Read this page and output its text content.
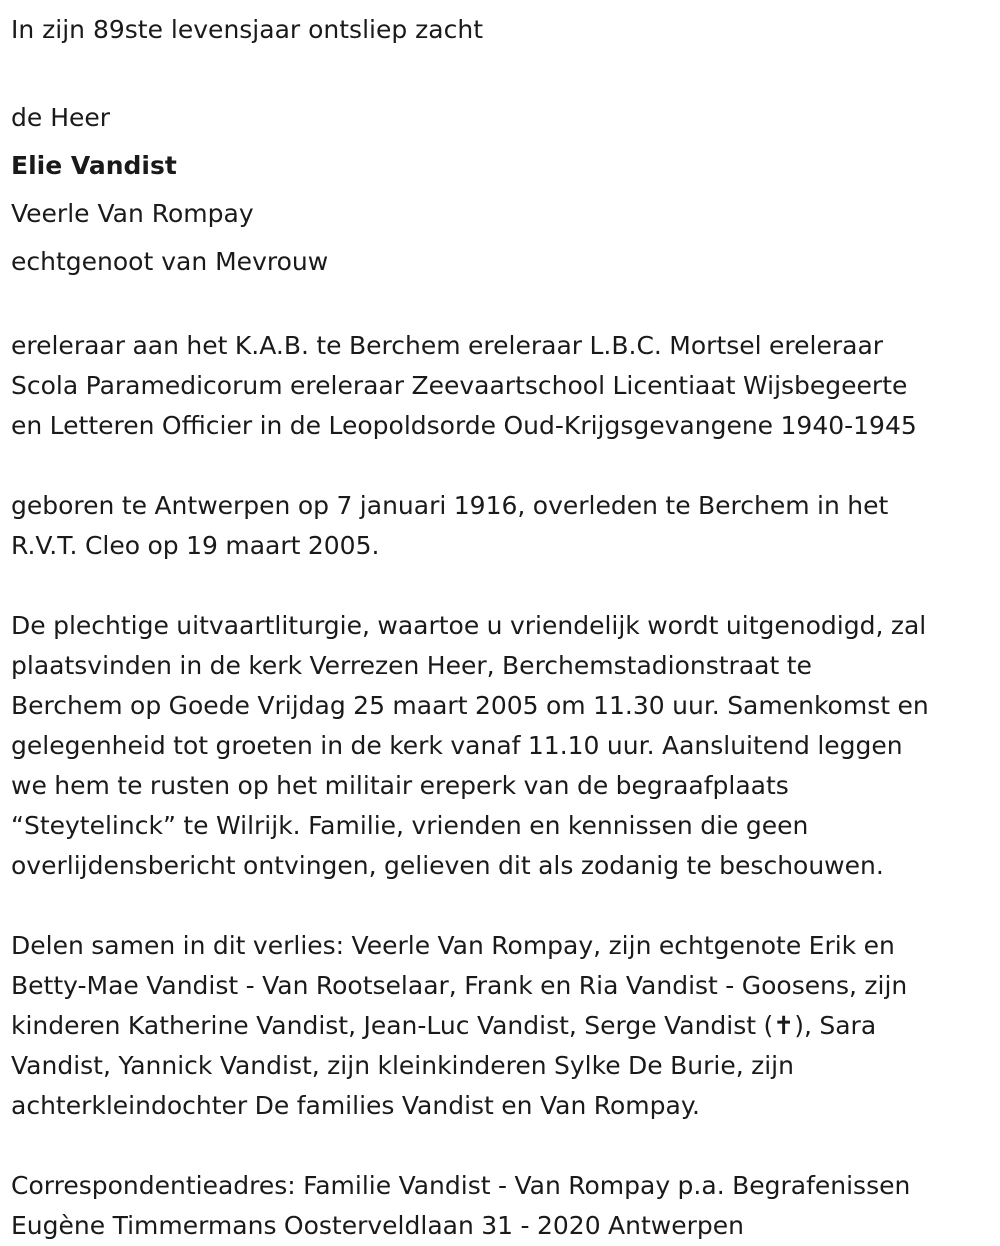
In zijn 89ste levensjaar ontsliep zacht

de Heer

Elie Vandist

Veerle Van Rompay

echtgenoot van Mevrouw

ereleraar aan het K.A.B. te Berchem ereleraar L.B.C. Mortsel ereleraar
Scola Paramedicorum ereleraar Zeevaartschool Licentiaat Wijsbegeerte
en Letteren Officier in de Leopoldsorde Oud-Krijgsgevangene 1940-1945
geboren te Antwerpen op 7 januari 1916, overleden te Berchem in het
R.V.T. Cleo op 19 maart 2005.
De plechtige uitvaartliturgie, waartoe u vriendelijk wordt uitgenodigd, zal
plaatsvinden in de kerk Verrezen Heer, Berchemstadionstraat te
Berchem op Goede Vrijdag 25 maart 2005 om 11.30 uur. Samenkomst en
gelegenheid tot groeten in de kerk vanaf 11.10 uur. Aansluitend leggen
we hem te rusten op het militair ereperk van de begraafplaats
“Steytelinck” te Wilrijk. Familie, vrienden en kennissen die geen
overlijdensbericht ontvingen, gelieven dit als zodanig te beschouwen.
Delen samen in dit verlies: Veerle Van Rompay, zijn echtgenote Erik en
Betty-Mae Vandist - Van Rootselaar, Frank en Ria Vandist - Goosens, zijn
kinderen Katherine Vandist, Jean-Luc Vandist, Serge Vandist (✝), Sara
Vandist, Yannick Vandist, zijn kleinkinderen Sylke De Burie, zijn
achterkleindochter De families Vandist en Van Rompay.
Correspondentieadres: Familie Vandist - Van Rompay p.a. Begrafenissen
Eugène Timmermans Oosterveldlaan 31 - 2020 Antwerpen
